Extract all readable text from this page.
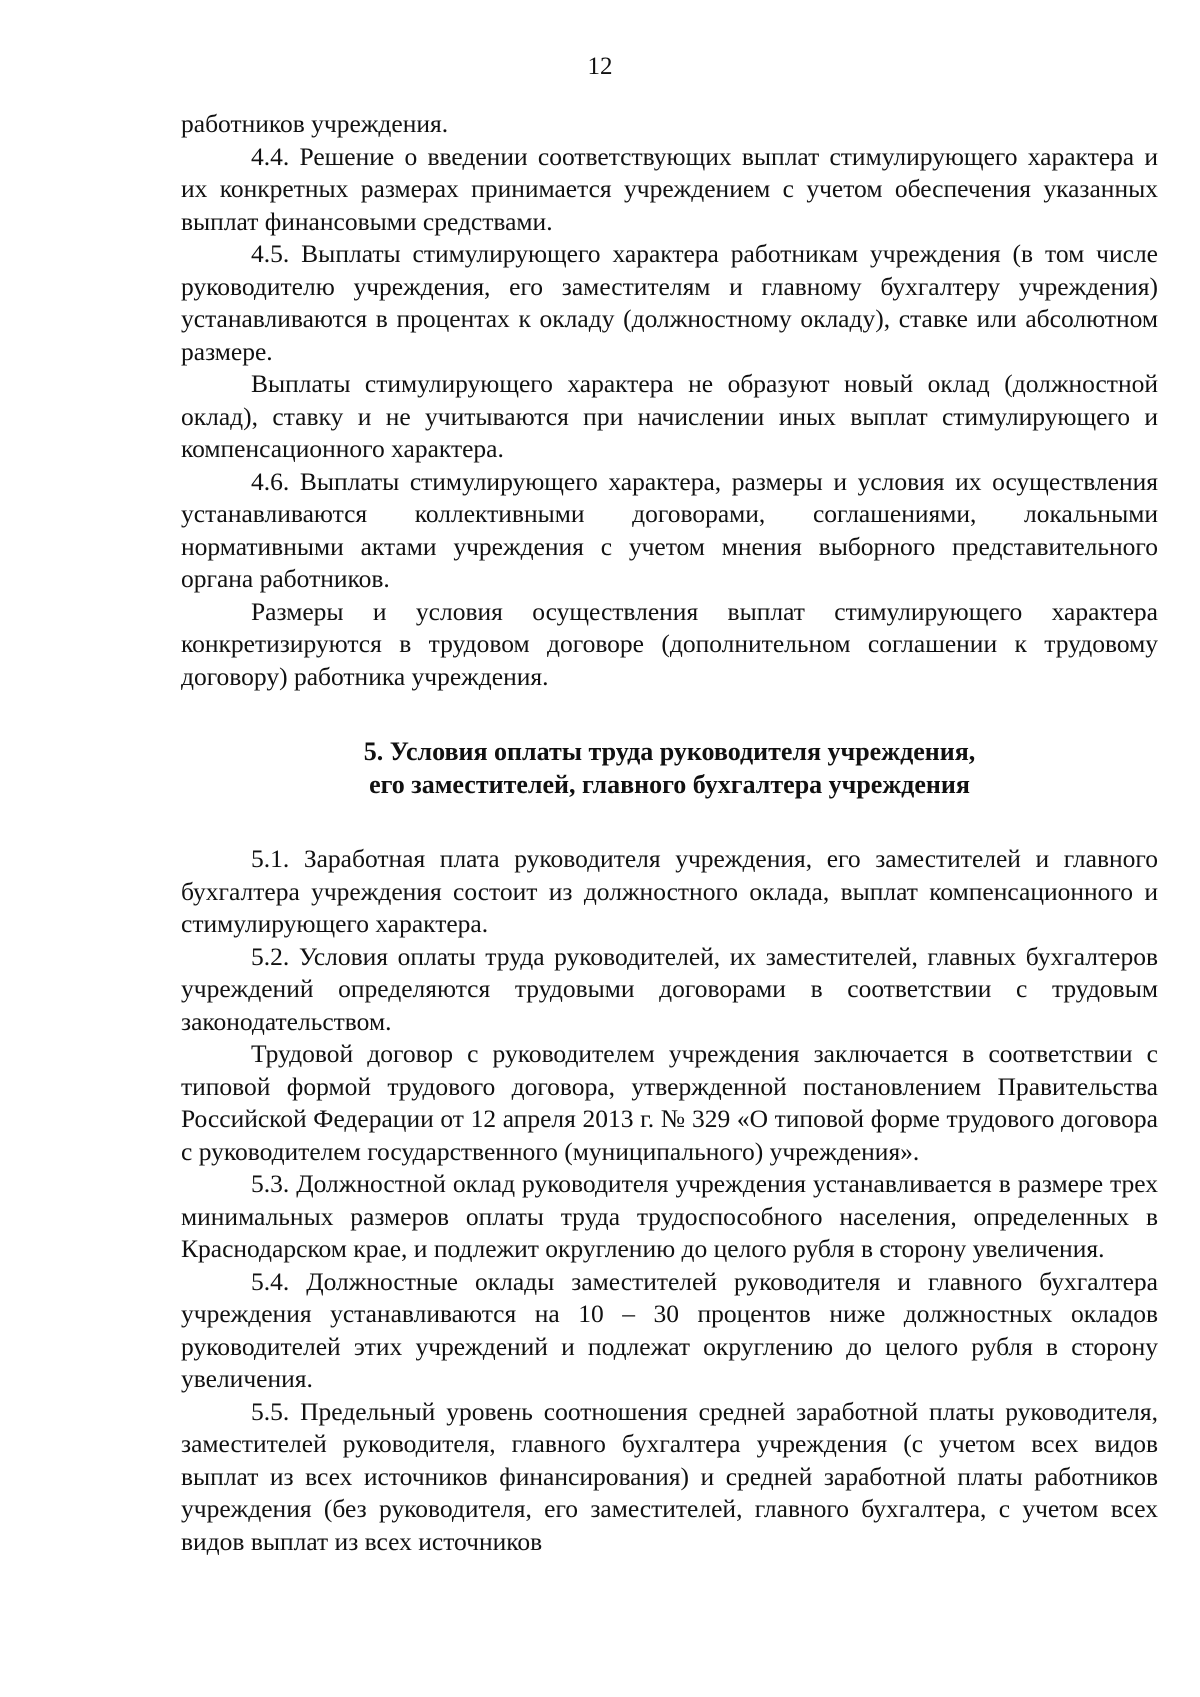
12

работников учреждения.

4.4. Решение о введении соответствующих выплат стимулирующего характера и их конкретных размерах принимается учреждением с учетом обеспечения указанных выплат финансовыми средствами.

4.5. Выплаты стимулирующего характера работникам учреждения (в том числе руководителю учреждения, его заместителям и главному бухгалтеру учреждения) устанавливаются в процентах к окладу (должностному окладу), ставке или абсолютном размере.

Выплаты стимулирующего характера не образуют новый оклад (должностной оклад), ставку и не учитываются при начислении иных выплат стимулирующего и компенсационного характера.

4.6. Выплаты стимулирующего характера, размеры и условия их осуществления устанавливаются коллективными договорами, соглашениями, локальными нормативными актами учреждения с учетом мнения выборного представительного органа работников.

Размеры и условия осуществления выплат стимулирующего характера конкретизируются в трудовом договоре (дополнительном соглашении к трудовому договору) работника учреждения.

5. Условия оплаты труда руководителя учреждения,
его заместителей, главного бухгалтера учреждения

5.1. Заработная плата руководителя учреждения, его заместителей и главного бухгалтера учреждения состоит из должностного оклада, выплат компенсационного и стимулирующего характера.

5.2. Условия оплаты труда руководителей, их заместителей, главных бухгалтеров учреждений определяются трудовыми договорами в соответствии с трудовым законодательством.

Трудовой договор с руководителем учреждения заключается в соответствии с типовой формой трудового договора, утвержденной постановлением Правительства Российской Федерации от 12 апреля 2013 г. № 329 «О типовой форме трудового договора с руководителем государственного (муниципального) учреждения».

5.3. Должностной оклад руководителя учреждения устанавливается в размере трех минимальных размеров оплаты труда трудоспособного населения, определенных в Краснодарском крае, и подлежит округлению до целого рубля в сторону увеличения.

5.4. Должностные оклады заместителей руководителя и главного бухгалтера учреждения устанавливаются на 10 – 30 процентов ниже должностных окладов руководителей этих учреждений и подлежат округлению до целого рубля в сторону увеличения.

5.5. Предельный уровень соотношения средней заработной платы руководителя, заместителей руководителя, главного бухгалтера учреждения (с учетом всех видов выплат из всех источников финансирования) и средней заработной платы работников учреждения (без руководителя, его заместителей, главного бухгалтера, с учетом всех видов выплат из всех источников
